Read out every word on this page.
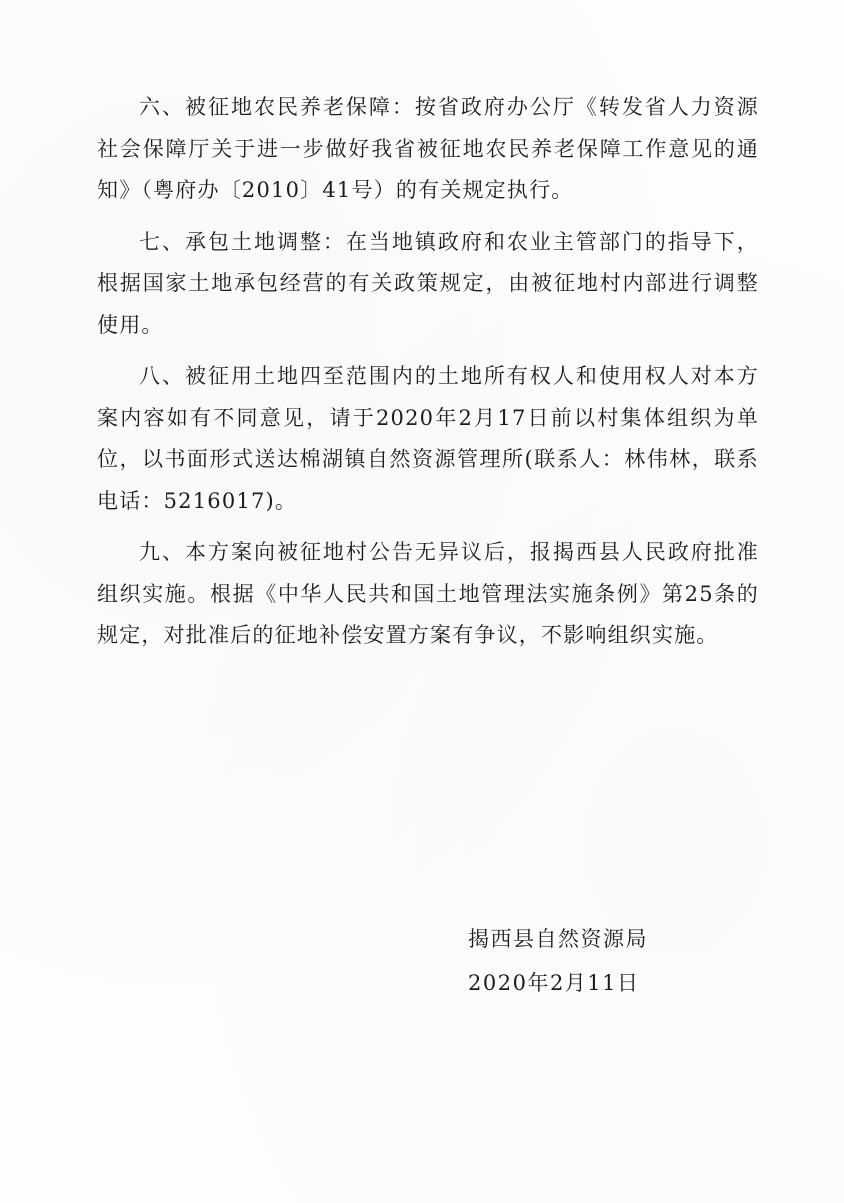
六、被征地农民养老保障：按省政府办公厅《转发省人力资源社会保障厅关于进一步做好我省被征地农民养老保障工作意见的通知》（粤府办〔2010〕41号）的有关规定执行。

七、承包土地调整：在当地镇政府和农业主管部门的指导下，根据国家土地承包经营的有关政策规定，由被征地村内部进行调整使用。

八、被征用土地四至范围内的土地所有权人和使用权人对本方案内容如有不同意见，请于2020年2月17日前以村集体组织为单位，以书面形式送达棉湖镇自然资源管理所(联系人：林伟林，联系电话：5216017)。

九、本方案向被征地村公告无异议后，报揭西县人民政府批准组织实施。根据《中华人民共和国土地管理法实施条例》第25条的规定，对批准后的征地补偿安置方案有争议，不影响组织实施。

揭西县自然资源局

2020年2月11日
